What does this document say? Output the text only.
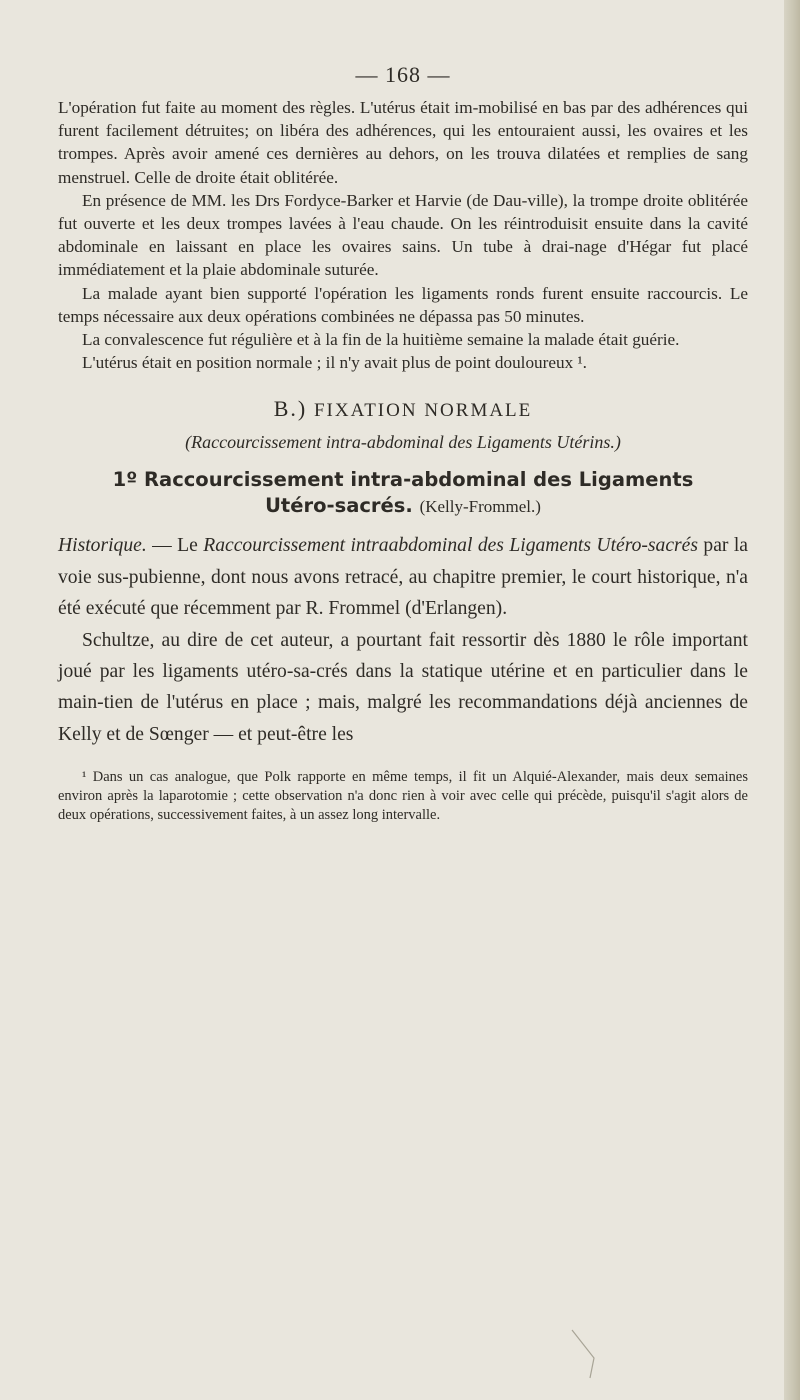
— 168 —

L'opération fut faite au moment des règles. L'utérus était im-mobilisé en bas par des adhérences qui furent facilement détruites; on libéra des adhérences, qui les entouraient aussi, les ovaires et les trompes. Après avoir amené ces dernières au dehors, on les trouva dilatées et remplies de sang menstruel. Celle de droite était oblitérée.

En présence de MM. les Drs Fordyce-Barker et Harvie (de Dau-ville), la trompe droite oblitérée fut ouverte et les deux trompes lavées à l'eau chaude. On les réintroduisit ensuite dans la cavité abdominale en laissant en place les ovaires sains. Un tube à drai-nage d'Hégar fut placé immédiatement et la plaie abdominale suturée.

La malade ayant bien supporté l'opération les ligaments ronds furent ensuite raccourcis. Le temps nécessaire aux deux opérations combinées ne dépassa pas 50 minutes.

La convalescence fut régulière et à la fin de la huitième semaine la malade était guérie.

L'utérus était en position normale ; il n'y avait plus de point douloureux ¹.

B.) FIXATION NORMALE
(Raccourcissement intra-abdominal des Ligaments Utérins.)
1º Raccourcissement intra-abdominal des Ligaments
Utéro-sacrés. (Kelly-Frommel.)

Historique. — Le Raccourcissement intraabdominal des Ligaments Utéro-sacrés par la voie sus-pubienne, dont nous avons retracé, au chapitre premier, le court historique, n'a été exécuté que récemment par R. Frommel (d'Erlangen).

Schultze, au dire de cet auteur, a pourtant fait ressortir dès 1880 le rôle important joué par les ligaments utéro-sa-crés dans la statique utérine et en particulier dans le main-tien de l'utérus en place ; mais, malgré les recommandations déjà anciennes de Kelly et de Sœnger — et peut-être les

¹ Dans un cas analogue, que Polk rapporte en même temps, il fit un Alquié-Alexander, mais deux semaines environ après la laparotomie ; cette observation n'a donc rien à voir avec celle qui précède, puisqu'il s'agit alors de deux opérations, successivement faites, à un assez long intervalle.
